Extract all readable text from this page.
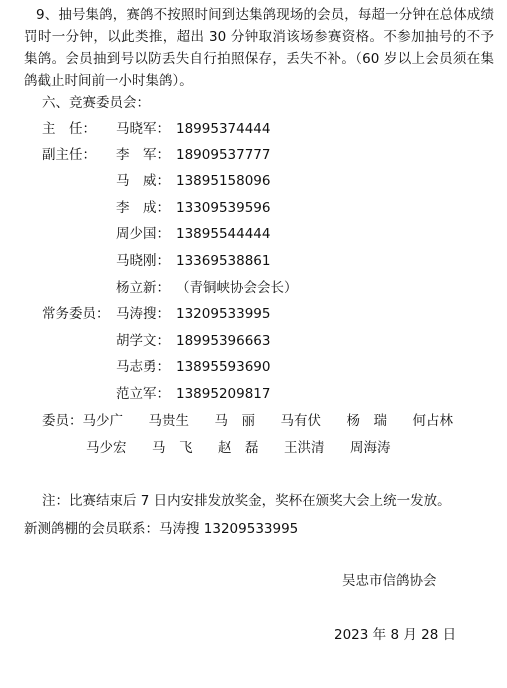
9、抽号集鸽，赛鸽不按照时间到达集鸽现场的会员，每超一分钟在总体成绩罚时一分钟，以此类推，超出 30 分钟取消该场参赛资格。不参加抽号的不予集鸽。会员抽到号以防丢失自行拍照保存，丢失不补。（60 岁以上会员须在集鸽截止时间前一小时集鸽）。
六、竞赛委员会：
主　任： 马晓军： 18995374444
副主任： 李　军： 18909537777
马　威： 13895158096
李　成： 13309539596
周少国： 13895544444
马晓刚： 13369538861
杨立新： （青铜峡协会会长）
常务委员： 马涛搜： 13209533995
胡学文： 18995396663
马志勇： 13895593690
范立军： 13895209817
委员：马少广 马贵生 马　丽 马有伏 杨　瑞 何占林
马少宏 马　飞 赵　磊 王洪清 周海涛
注：比赛结束后 7 日内安排发放奖金，奖杯在颁奖大会上统一发放。
新测鸽棚的会员联系：马涛搜 13209533995
吴忠市信鸽协会
2023 年 8 月 28 日
